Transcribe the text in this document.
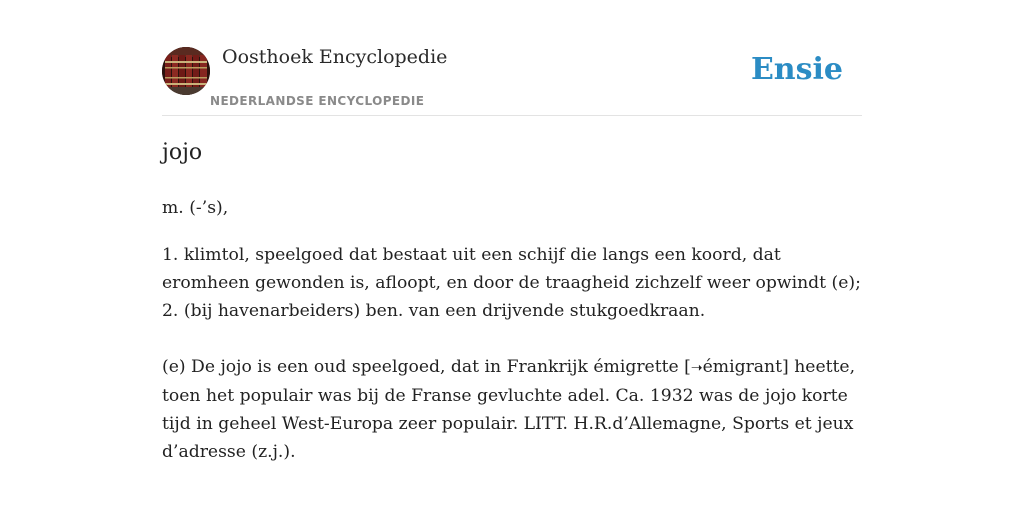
Oosthoek Encyclopedie
NEDERLANDSE ENCYCLOPEDIE
Ensie
jojo

m. (-’s),

1. klimtol, speelgoed dat bestaat uit een schijf die langs een koord, dat eromheen gewonden is, afloopt, en door de traagheid zichzelf weer opwindt (e);
2. (bij havenarbeiders) ben. van een drijvende stukgoedkraan.

(e) De jojo is een oud speelgoed, dat in Frankrijk émigrette [➝émigrant] heette, toen het populair was bij de Franse gevluchte adel. Ca. 1932 was de jojo korte tijd in geheel West-Europa zeer populair. LITT. H.R.d’Allemagne, Sports et jeux d’adresse (z.j.).
